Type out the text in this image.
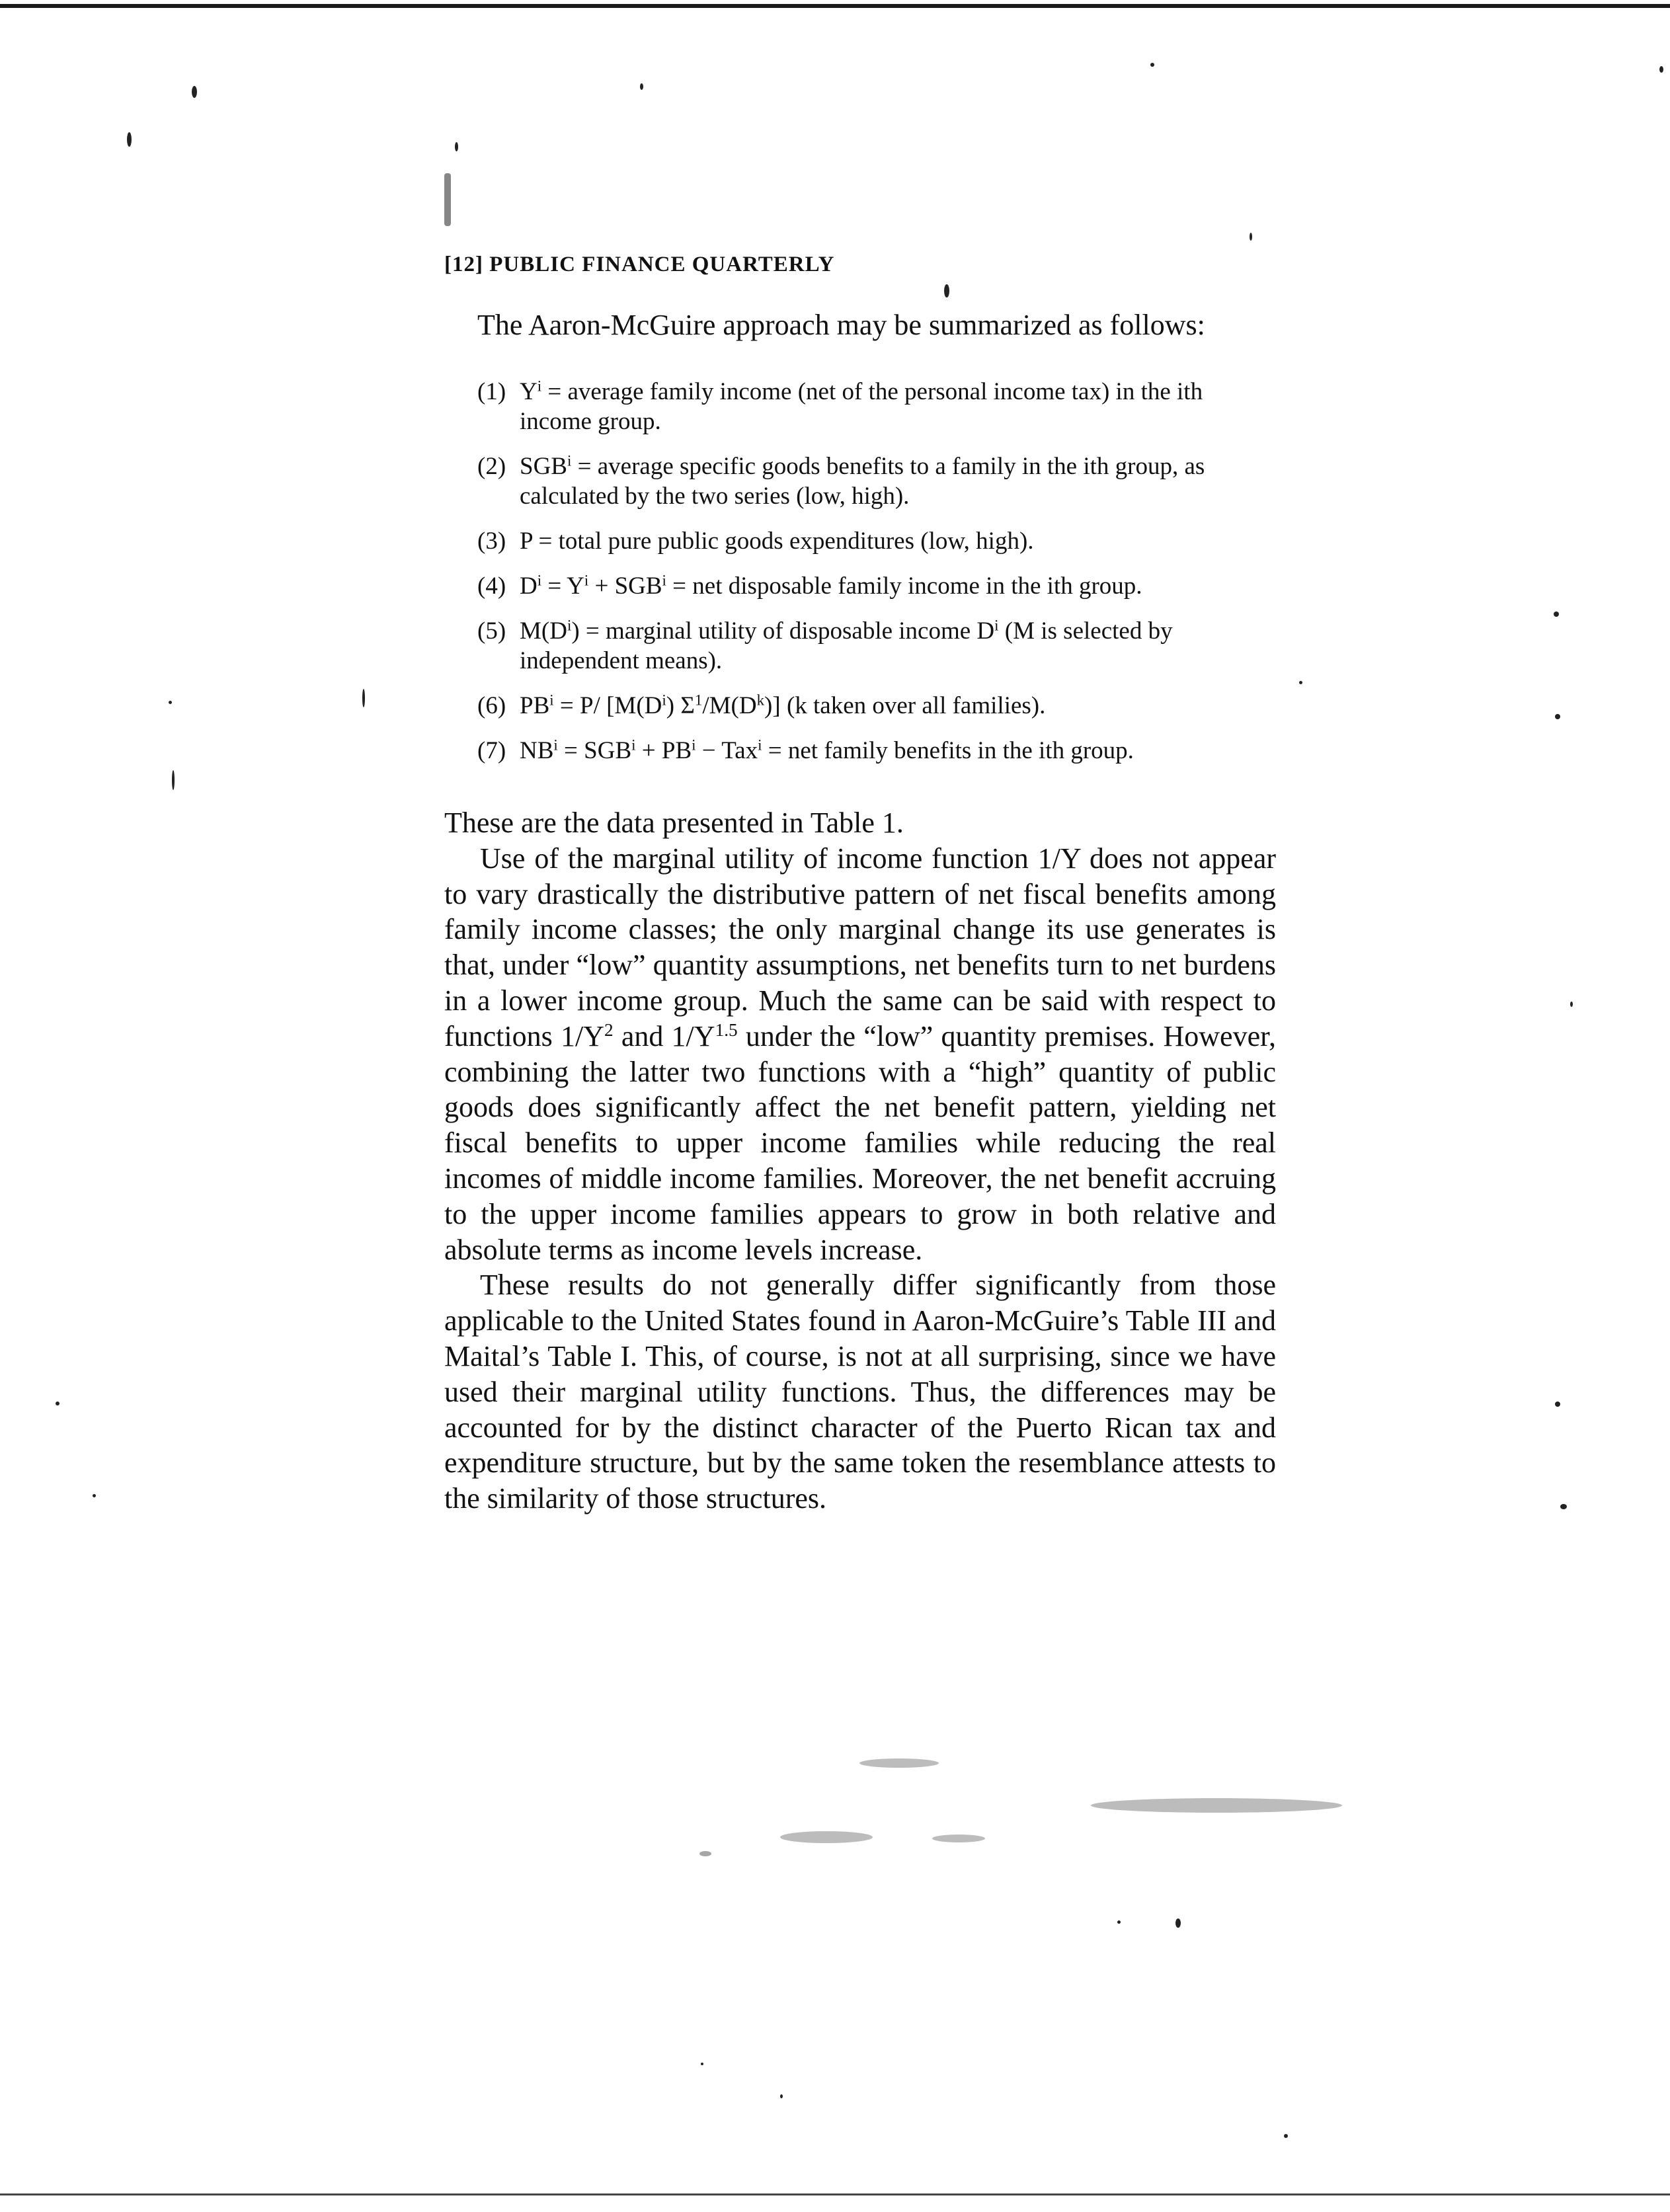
[12] PUBLIC FINANCE QUARTERLY
The Aaron-McGuire approach may be summarized as follows:
(1) $Y^i$ = average family income (net of the personal income tax) in the ith income group.
(2) $SGB^i$ = average specific goods benefits to a family in the ith group, as calculated by the two series (low, high).
(3) P = total pure public goods expenditures (low, high).
(4) $D^i = Y^i + SGB^i$ = net disposable family income in the ith group.
(5) $M(D^i)$ = marginal utility of disposable income $D^i$ (M is selected by independent means).
(6) $PB^i = P/$ [$M(D^i)$ $\Sigma^1/M(D^k)$] (k taken over all families).
(7) $NB^i = SGB^i + PB^i - Tax^i$ = net family benefits in the ith group.

These are the data presented in Table 1.

Use of the marginal utility of income function 1/Y does not appear to vary drastically the distributive pattern of net fiscal benefits among family income classes; the only marginal change its use generates is that, under “low” quantity assumptions, net benefits turn to net burdens in a lower income group. Much the same can be said with respect to functions $1/Y^2$ and $1/Y^{1.5}$ under the “low” quantity premises. However, combining the latter two functions with a “high” quantity of public goods does significantly affect the net benefit pattern, yielding net fiscal benefits to upper income families while reducing the real incomes of middle income families. Moreover, the net benefit accruing to the upper income families appears to grow in both relative and absolute terms as income levels increase.

These results do not generally differ significantly from those applicable to the United States found in Aaron-McGuire’s Table III and Maital’s Table I. This, of course, is not at all surprising, since we have used their marginal utility functions. Thus, the differences may be accounted for by the distinct character of the Puerto Rican tax and expenditure structure, but by the same token the resemblance attests to the similarity of those structures.
